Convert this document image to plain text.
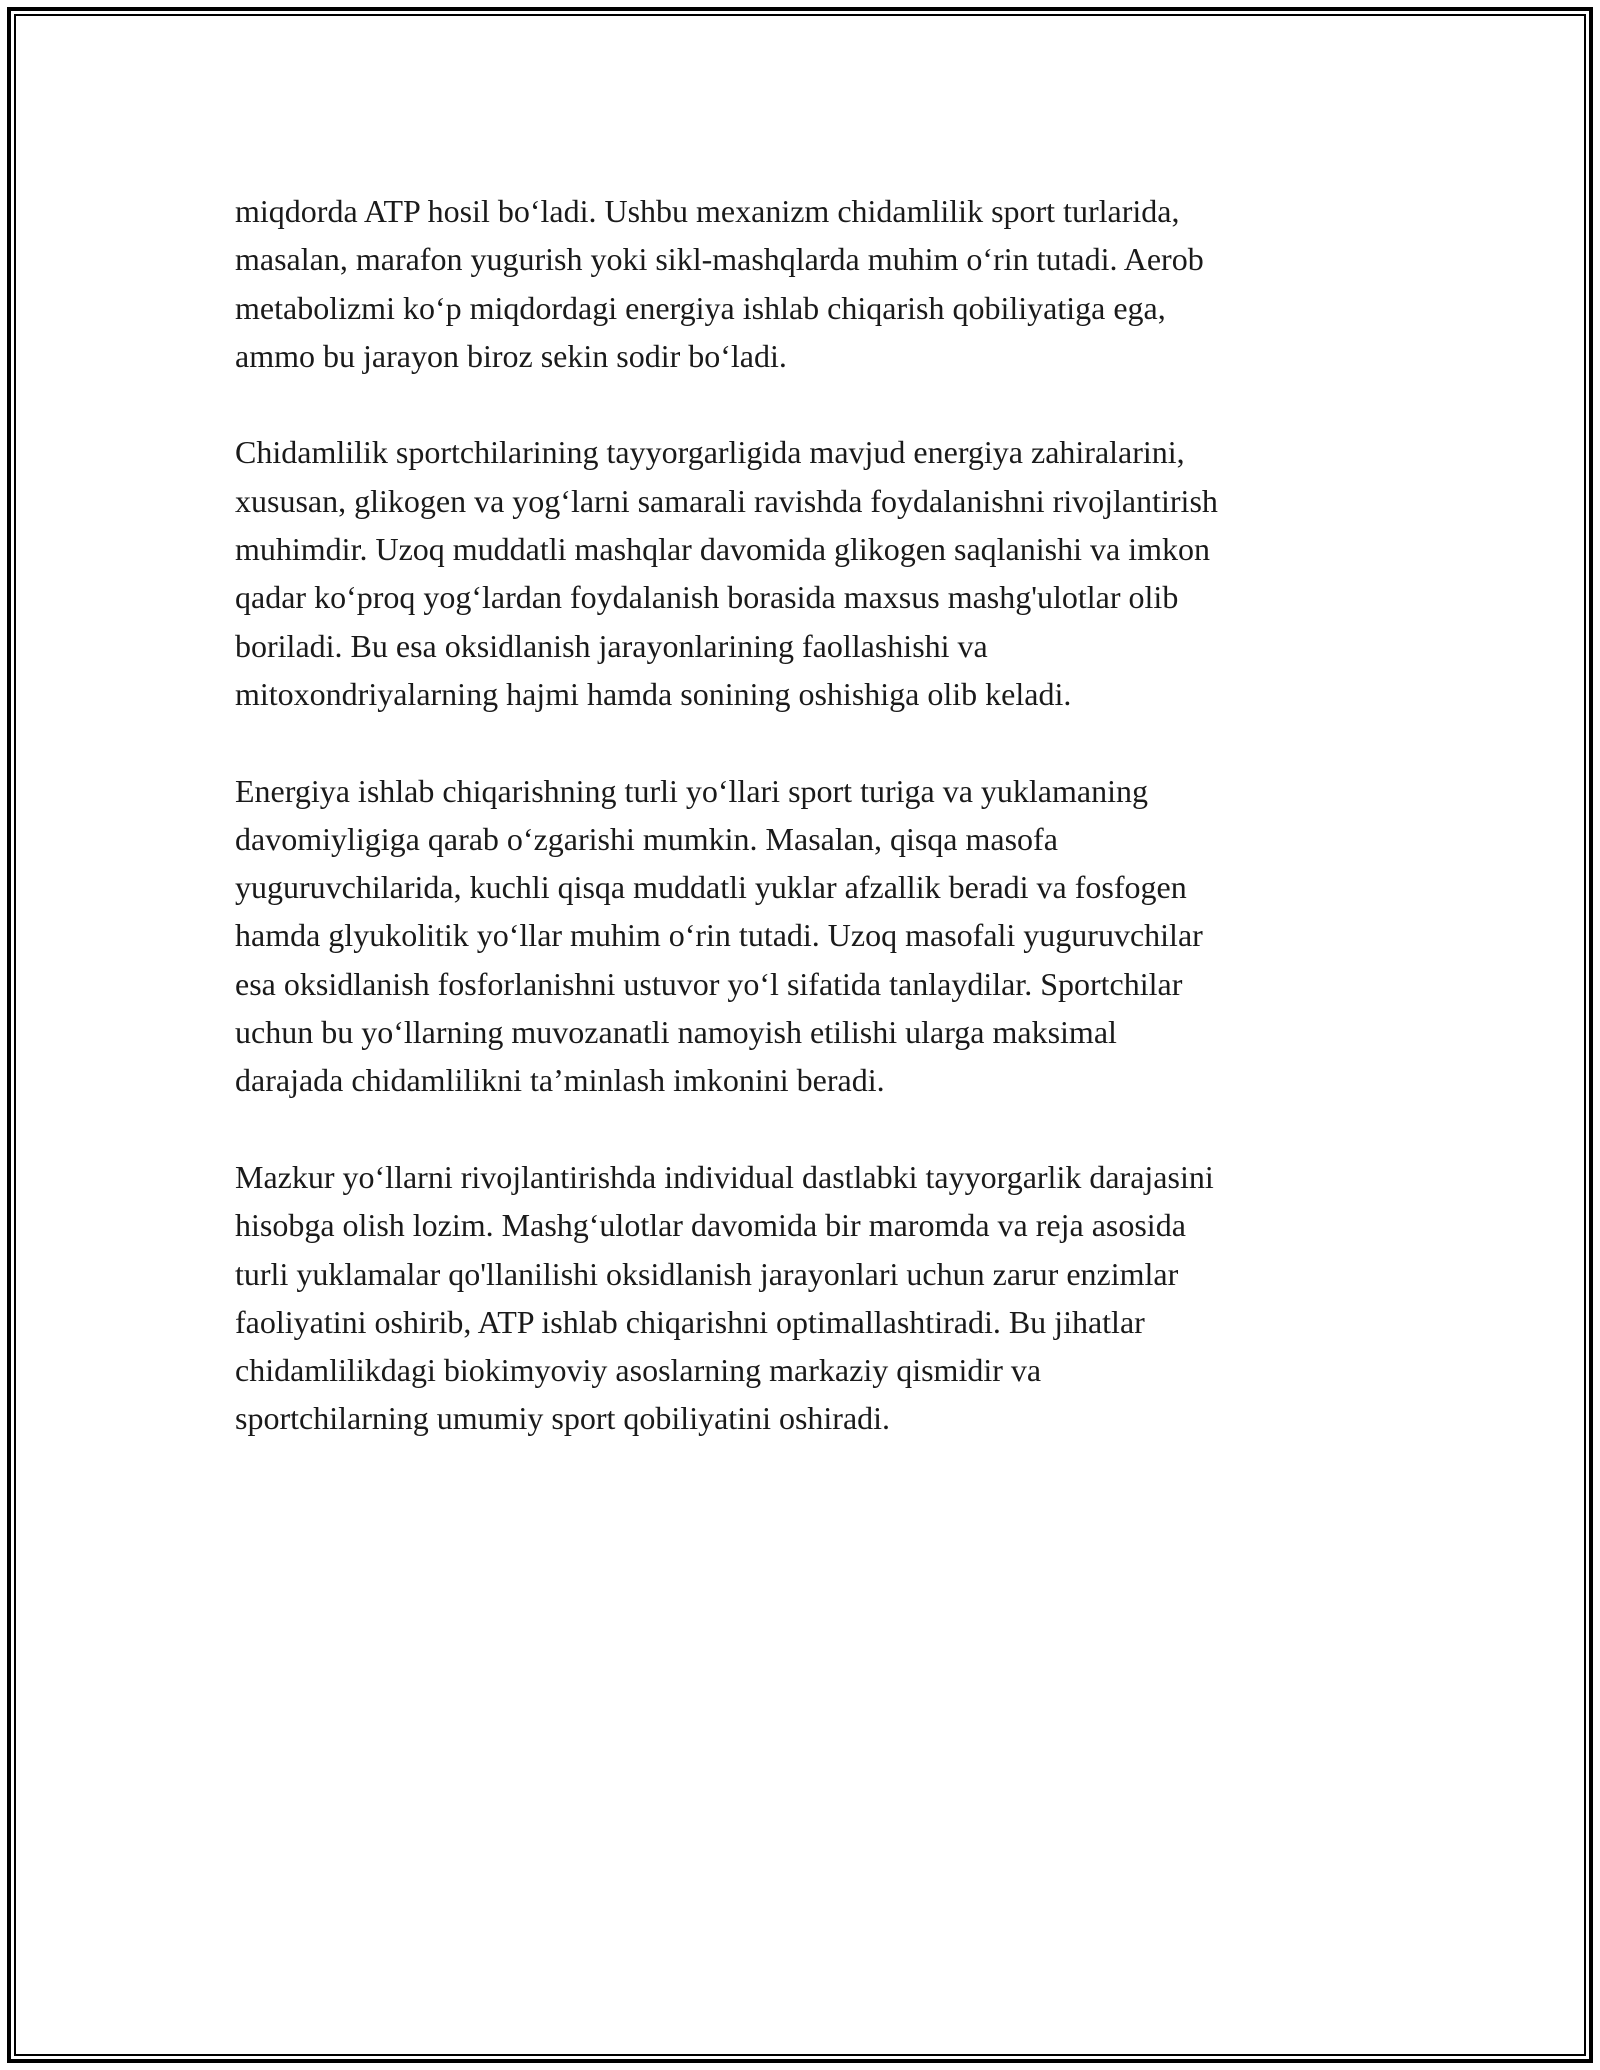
miqdorda ATP hosil bo‘ladi. Ushbu mexanizm chidamlilik sport turlarida,
masalan, marafon yugurish yoki sikl-mashqlarda muhim o‘rin tutadi. Aerob
metabolizmi ko‘p miqdordagi energiya ishlab chiqarish qobiliyatiga ega,
ammo bu jarayon biroz sekin sodir bo‘ladi.

Chidamlilik sportchilarining tayyorgarligida mavjud energiya zahiralarini,
xususan, glikogen va yog‘larni samarali ravishda foydalanishni rivojlantirish
muhimdir. Uzoq muddatli mashqlar davomida glikogen saqlanishi va imkon
qadar ko‘proq yog‘lardan foydalanish borasida maxsus mashg'ulotlar olib
boriladi. Bu esa oksidlanish jarayonlarining faollashishi va
mitoxondriyalarning hajmi hamda sonining oshishiga olib keladi.

Energiya ishlab chiqarishning turli yo‘llari sport turiga va yuklamaning
davomiyligiga qarab o‘zgarishi mumkin. Masalan, qisqa masofa
yuguruvchilarida, kuchli qisqa muddatli yuklar afzallik beradi va fosfogen
hamda glyukolitik yo‘llar muhim o‘rin tutadi. Uzoq masofali yuguruvchilar
esa oksidlanish fosforlanishni ustuvor yo‘l sifatida tanlaydilar. Sportchilar
uchun bu yo‘llarning muvozanatli namoyish etilishi ularga maksimal
darajada chidamlilikni ta’minlash imkonini beradi.

Mazkur yo‘llarni rivojlantirishda individual dastlabki tayyorgarlik darajasini
hisobga olish lozim. Mashg‘ulotlar davomida bir maromda va reja asosida
turli yuklamalar qo'llanilishi oksidlanish jarayonlari uchun zarur enzimlar
faoliyatini oshirib, ATP ishlab chiqarishni optimallashtiradi. Bu jihatlar
chidamlilikdagi biokimyoviy asoslarning markaziy qismidir va
sportchilarning umumiy sport qobiliyatini oshiradi.
